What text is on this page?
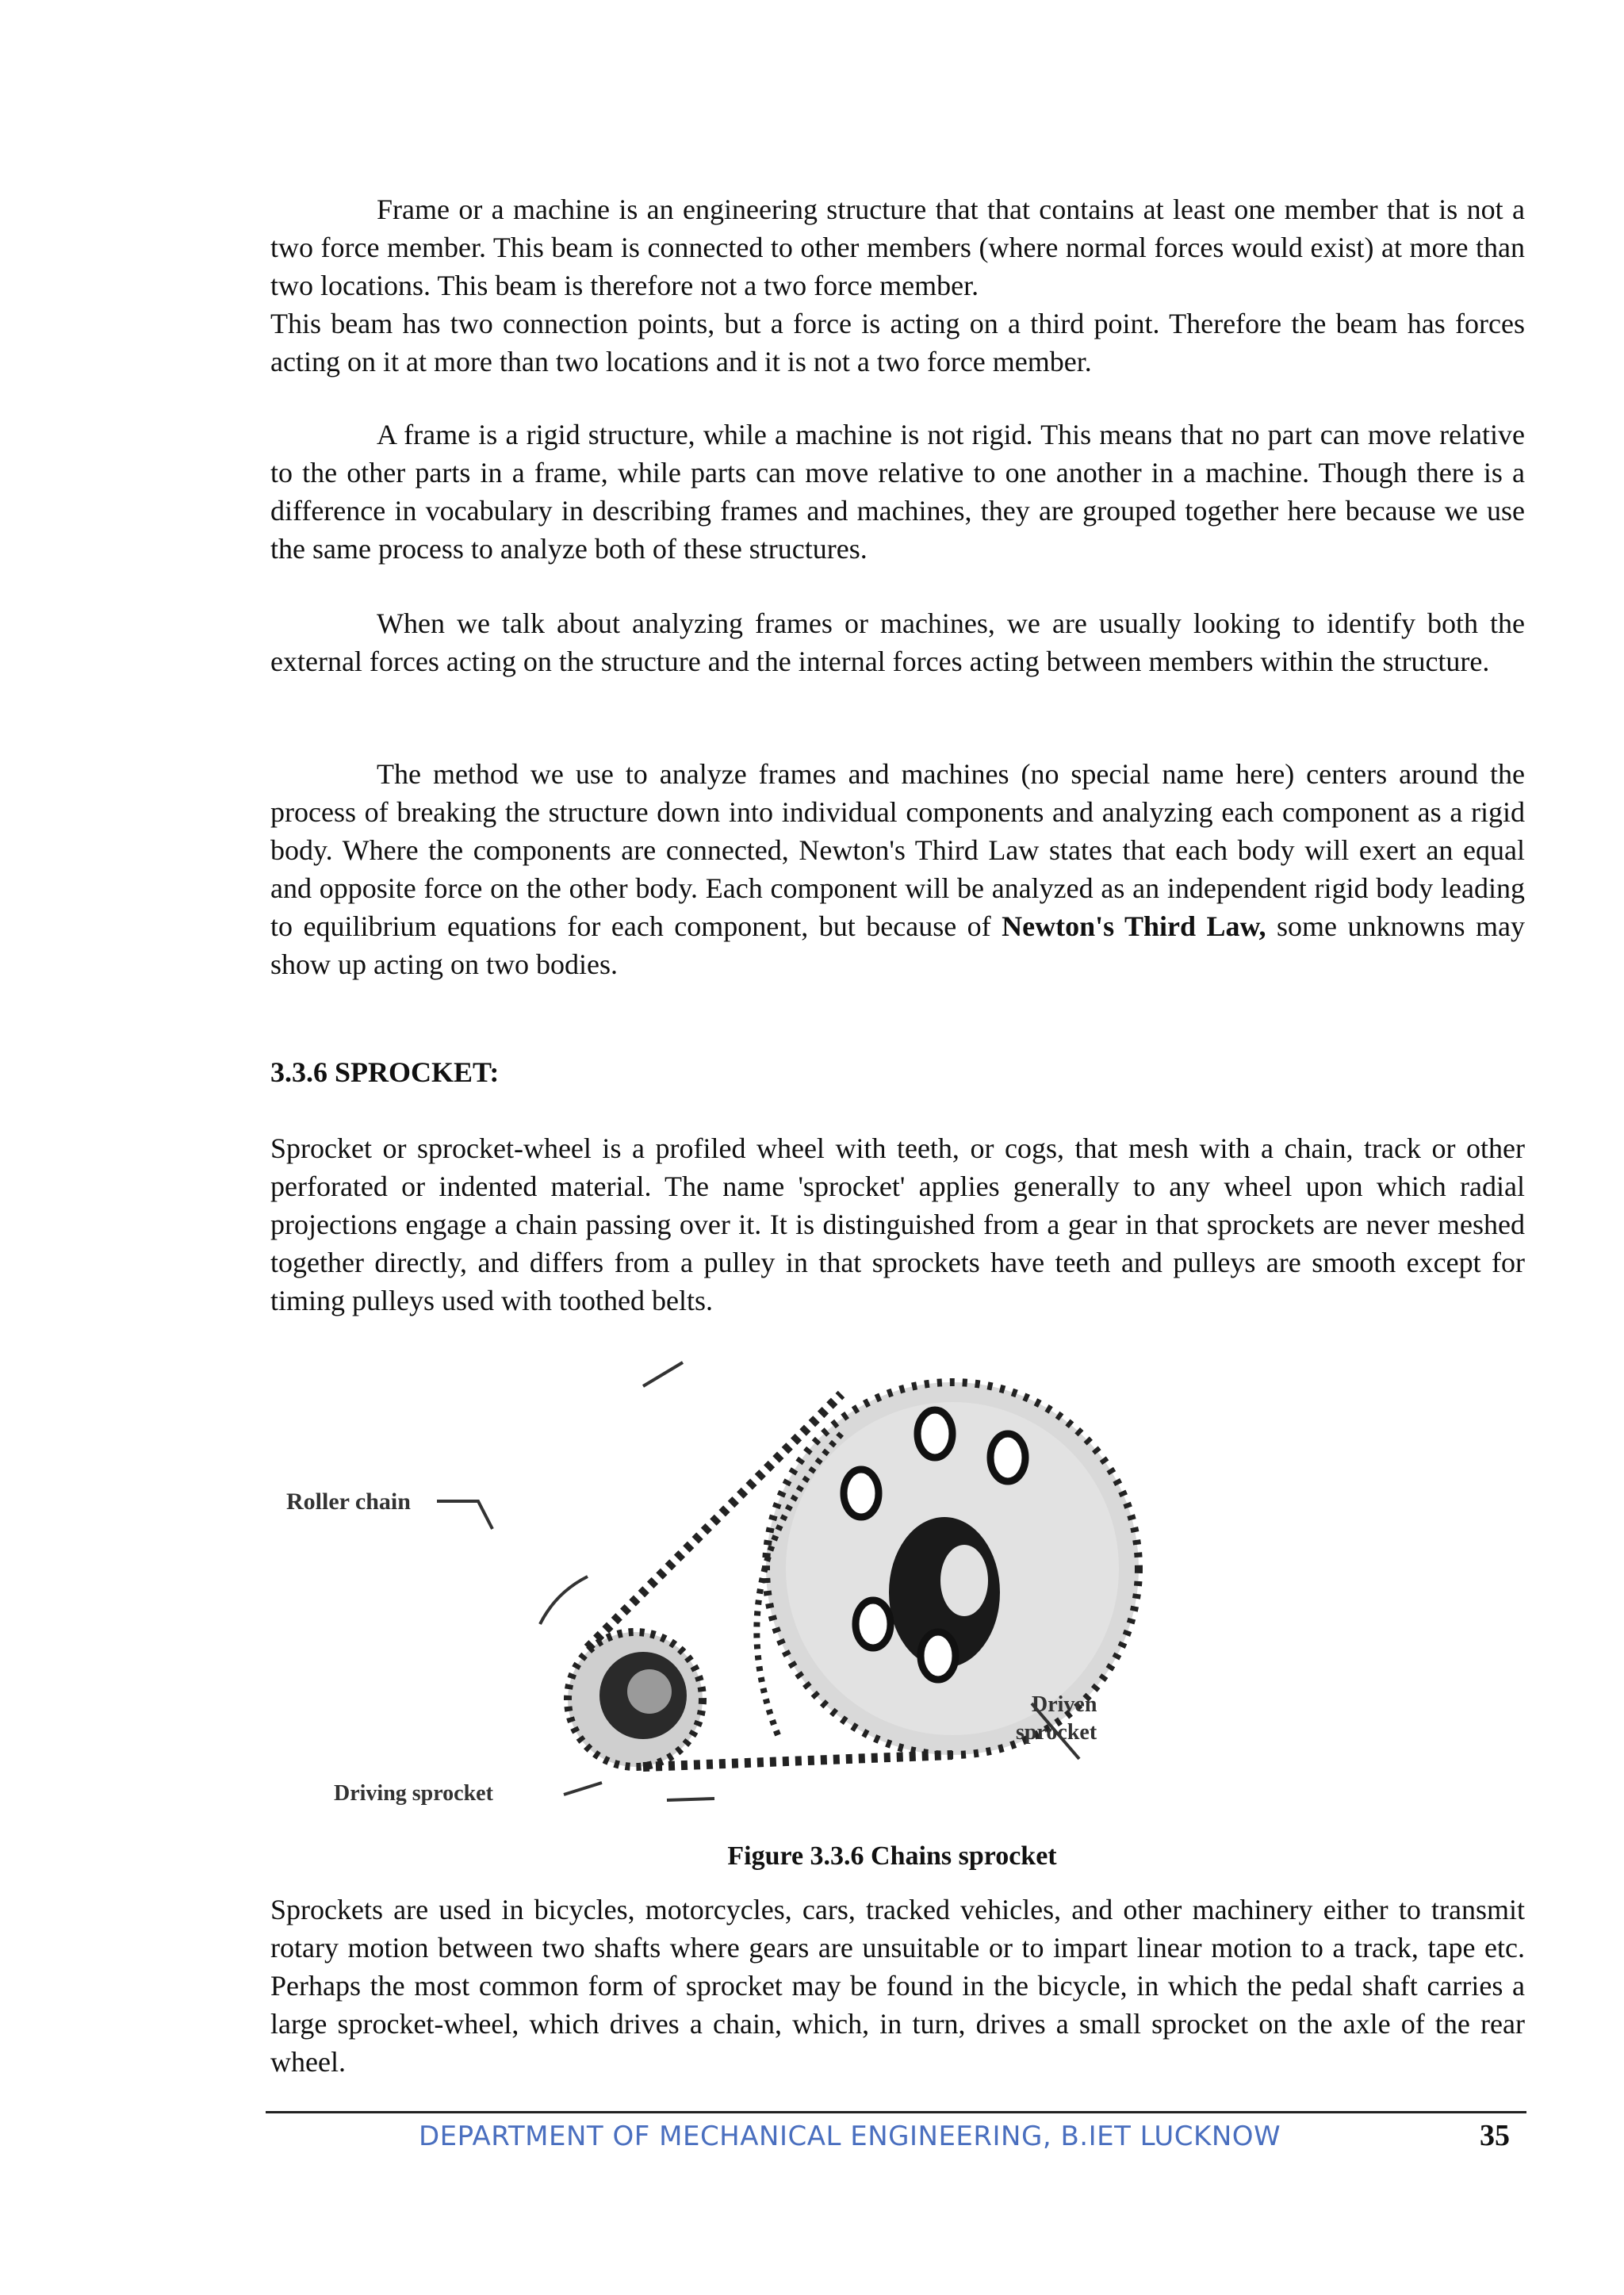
Frame or a machine is an engineering structure that that contains at least one member that is not a two force member. This beam is connected to other members (where normal forces would exist) at more than two locations. This beam is therefore not a two force member.

This beam has two connection points, but a force is acting on a third point. Therefore the beam has forces acting on it at more than two locations and it is not a two force member.

A frame is a rigid structure, while a machine is not rigid. This means that no part can move relative to the other parts in a frame, while parts can move relative to one another in a machine. Though there is a difference in vocabulary in describing frames and machines, they are grouped together here because we use the same process to analyze both of these structures.

When we talk about analyzing frames or machines, we are usually looking to identify both the external forces acting on the structure and the internal forces acting between members within the structure.

The method we use to analyze frames and machines (no special name here) centers around the process of breaking the structure down into individual components and analyzing each component as a rigid body. Where the components are connected, Newton's Third Law states that each body will exert an equal and opposite force on the other body. Each component will be analyzed as an independent rigid body leading to equilibrium equations for each component, but because of Newton's Third Law, some unknowns may show up acting on two bodies.

3.3.6 SPROCKET:

Sprocket or sprocket-wheel is a profiled wheel with teeth, or cogs, that mesh with a chain, track or other perforated or indented material. The name 'sprocket' applies generally to any wheel upon which radial projections engage a chain passing over it. It is distinguished from a gear in that sprockets are never meshed together directly, and differs from a pulley in that sprockets have teeth and pulleys are smooth except for timing pulleys used with toothed belts.

Roller chain
Driven
sprocket
Driving sprocket

Figure 3.3.6 Chains sprocket

Sprockets are used in bicycles, motorcycles, cars, tracked vehicles, and other machinery either to transmit rotary motion between two shafts where gears are unsuitable or to impart linear motion to a track, tape etc. Perhaps the most common form of sprocket may be found in the bicycle, in which the pedal shaft carries a large sprocket-wheel, which drives a chain, which, in turn, drives a small sprocket on the axle of the rear wheel.

DEPARTMENT OF MECHANICAL ENGINEERING, B.IET LUCKNOW	35
